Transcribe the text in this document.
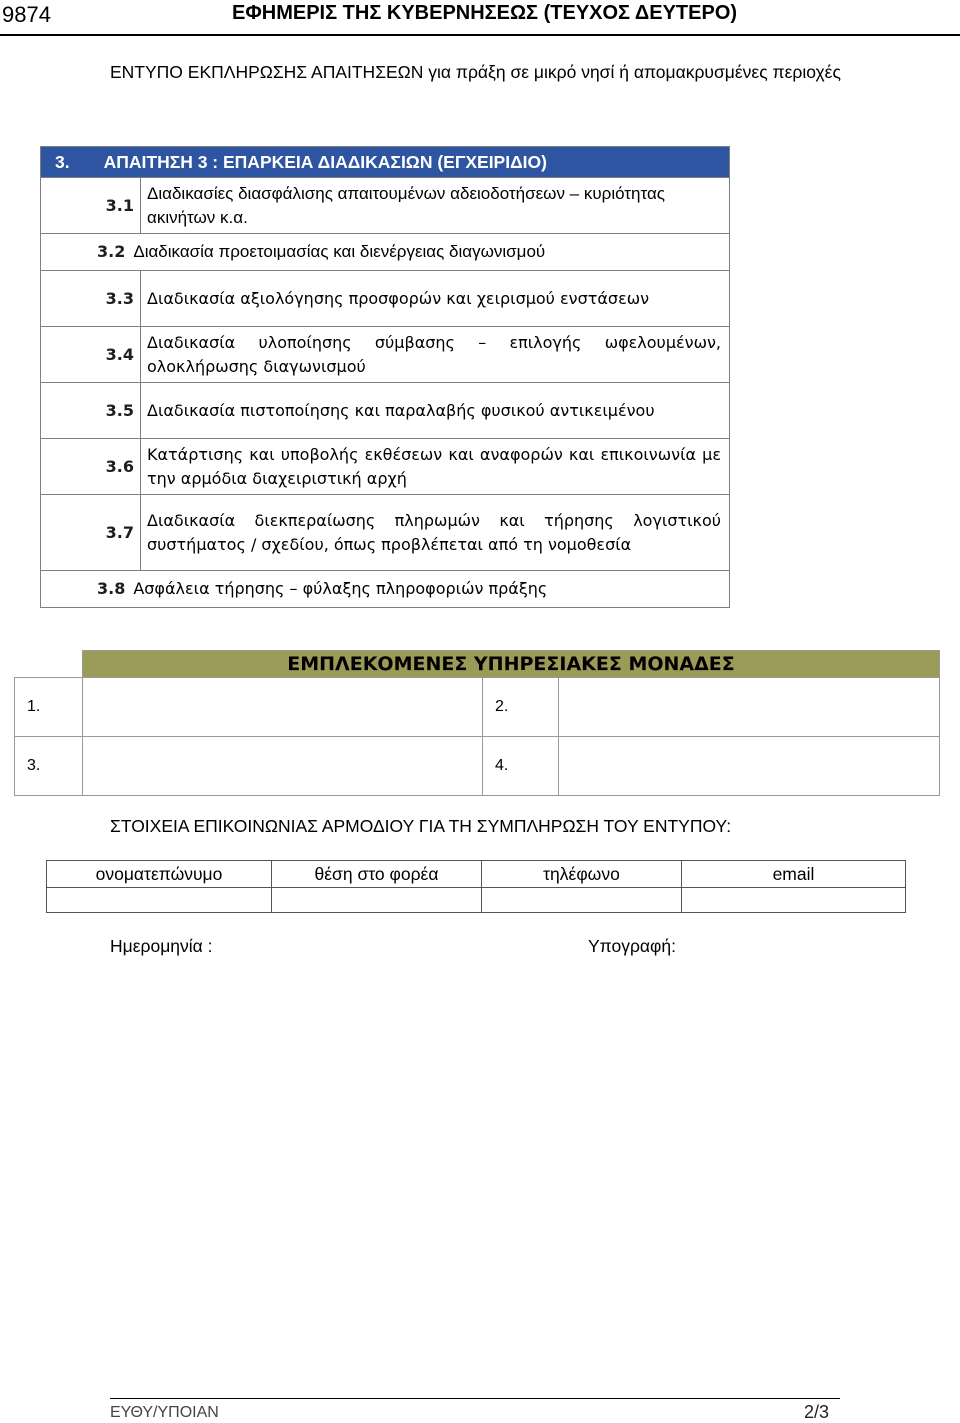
9874	ΕΦΗΜΕΡΙΣ ΤΗΣ ΚΥΒΕΡΝΗΣΕΩΣ (ΤΕΥΧΟΣ ΔΕΥΤΕΡΟ)
ΕΝΤΥΠΟ ΕΚΠΛΗΡΩΣΗΣ ΑΠΑΙΤΗΣΕΩΝ για πράξη σε μικρό νησί ή απομακρυσμένες περιοχές
3. ΑΠΑΙΤΗΣΗ 3 : ΕΠΑΡΚΕΙΑ ΔΙΑΔΙΚΑΣΙΩΝ (ΕΓΧΕΙΡΙΔΙΟ)	
3.1	Διαδικασίες διασφάλισης απαιτουμένων αδειοδοτήσεων – κυριότητας ακινήτων κ.α.
3.2 Διαδικασία προετοιμασίας και διενέργειας διαγωνισμού	
3.3	Διαδικασία αξιολόγησης προσφορών και χειρισμού ενστάσεων
3.4	Διαδικασία υλοποίησης σύμβασης – επιλογής ωφελουμένων, ολοκλήρωσης διαγωνισμού
3.5	Διαδικασία πιστοποίησης και παραλαβής φυσικού αντικειμένου
3.6	Κατάρτισης και υποβολής εκθέσεων και αναφορών και επικοινωνία με την αρμόδια διαχειριστική αρχή
3.7	Διαδικασία διεκπεραίωσης πληρωμών και τήρησης λογιστικού συστήματος / σχεδίου, όπως προβλέπεται από τη νομοθεσία
3.8 Ασφάλεια τήρησης – φύλαξης πληροφοριών πράξης	
	ΕΜΠΛΕΚΟΜΕΝΕΣ ΥΠΗΡΕΣΙΑΚΕΣ ΜΟΝΑΔΕΣ		
1.		2.	
3.		4.	
ΣΤΟΙΧΕΙΑ ΕΠΙΚΟΙΝΩΝΙΑΣ ΑΡΜΟΔΙΟΥ ΓΙΑ ΤΗ ΣΥΜΠΛΗΡΩΣΗ ΤΟΥ ΕΝΤΥΠΟΥ:
ονοματεπώνυμο	θέση στο φορέα	τηλέφωνο	email

Ημερομηνία :	Υπογραφή:
ΕΥΘΥ/ΥΠΟΙΑΝ	2/3
